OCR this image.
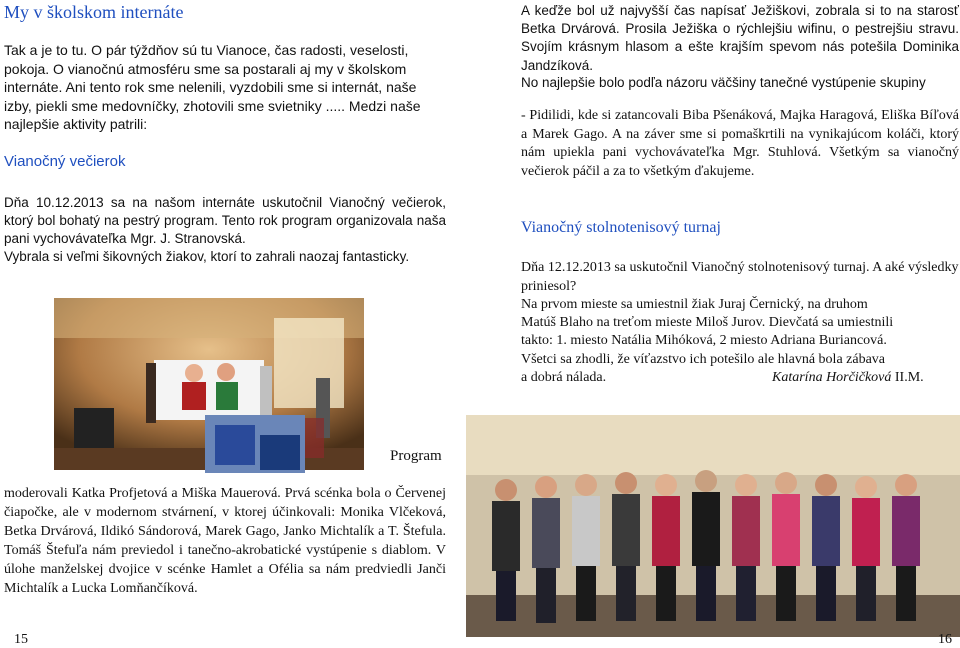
My v školskom internáte
Tak a je to tu. O pár týždňov sú tu Vianoce, čas radosti, veselosti, pokoja. O vianočnú atmosféru sme sa postarali aj my v školskom internáte. Ani tento rok sme nelenili, vyzdobili sme si internát, naše izby, piekli sme medovníčky, zhotovili sme svietniky ..... Medzi naše najlepšie aktivity patrili:
Vianočný večierok
Dňa 10.12.2013 sa na našom internáte uskutočnil Vianočný večierok, ktorý bol bohatý na pestrý program. Tento rok program organizovala naša pani vychovávateľka Mgr. J. Stranovská.
Vybrala si veľmi šikovných žiakov, ktorí to zahrali naozaj fantasticky.
Program
moderovali Katka Profjetová a Miška Mauerová. Prvá scénka bola o Červenej čiapočke, ale v modernom stvárnení, v ktorej účinkovali: Monika Vlčeková, Betka Drvárová, Ildikó Sándorová, Marek Gago, Janko Michtalík a T. Štefula. Tomáš Štefuľa nám previedol i tanečno-akrobatické vystúpenie s diablom. V úlohe manželskej dvojice v scénke Hamlet a Ofélia sa nám predviedli Janči Michtalík a Lucka Lomňančíková.
15
A keďže bol už najvyšší čas napísať Ježiškovi, zobrala si to na starosť Betka Drvárová. Prosila Ježiška o rýchlejšiu wifinu, o pestrejšiu stravu. Svojím krásnym hlasom a ešte krajším spevom nás potešila Dominika Jandzíková.
No najlepšie bolo podľa názoru väčšiny tanečné vystúpenie skupiny
- Pidilidi, kde si zatancovali Biba Pšenáková, Majka Haragová, Eliška Bíľová a Marek Gago. A na záver sme si pomaškrtili na vynikajúcom koláči, ktorý nám upiekla pani vychovávateľka Mgr. Stuhlová. Všetkým sa vianočný večierok páčil a za to všetkým ďakujeme.
Vianočný stolnotenisový turnaj
Dňa 12.12.2013 sa uskutočnil Vianočný stolnotenisový turnaj. A aké výsledky priniesol?
Na prvom mieste sa umiestnil žiak Juraj Černický, na druhom
Matúš Blaho na treťom mieste Miloš Jurov. Dievčatá sa umiestnili
takto: 1. miesto Natália Mihóková, 2 miesto Adriana Buriancová.
Všetci sa zhodli, že víťazstvo ich potešilo ale hlavná bola zábava
a dobrá nálada.	Katarína Horčičková II.M.
16
